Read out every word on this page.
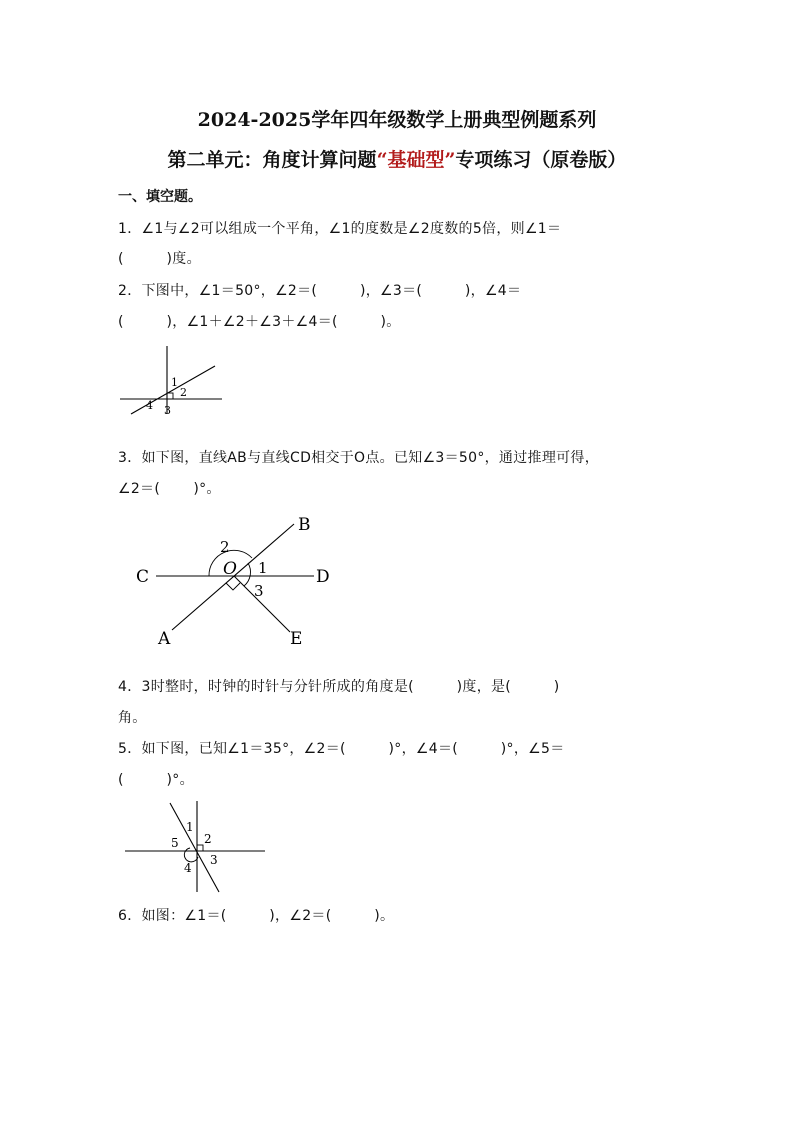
2024-2025学年四年级数学上册典型例题系列
第二单元：角度计算问题“基础型”专项练习（原卷版）
一、填空题。
1．∠1与∠2可以组成一个平角，∠1的度数是∠2度数的5倍，则∠1＝
(         )度。
2．下图中，∠1＝50°，∠2＝(         )，∠3＝(         )，∠4＝
(         )，∠1＋∠2＋∠3＋∠4＝(         )。
1
2
3
4
3．如下图，直线AB与直线CD相交于O点。已知∠3＝50°，通过推理可得，
∠2＝(       )°。
B
C	D
A	E
O
2
1
3
4．3时整时，时钟的时针与分针所成的角度是(         )度，是(         )
角。
5．如下图，已知∠1＝35°，∠2＝(         )°，∠4＝(         )°，∠5＝
(         )°。
1
2
3
4
5
6．如图：∠1＝(         )，∠2＝(         )。
